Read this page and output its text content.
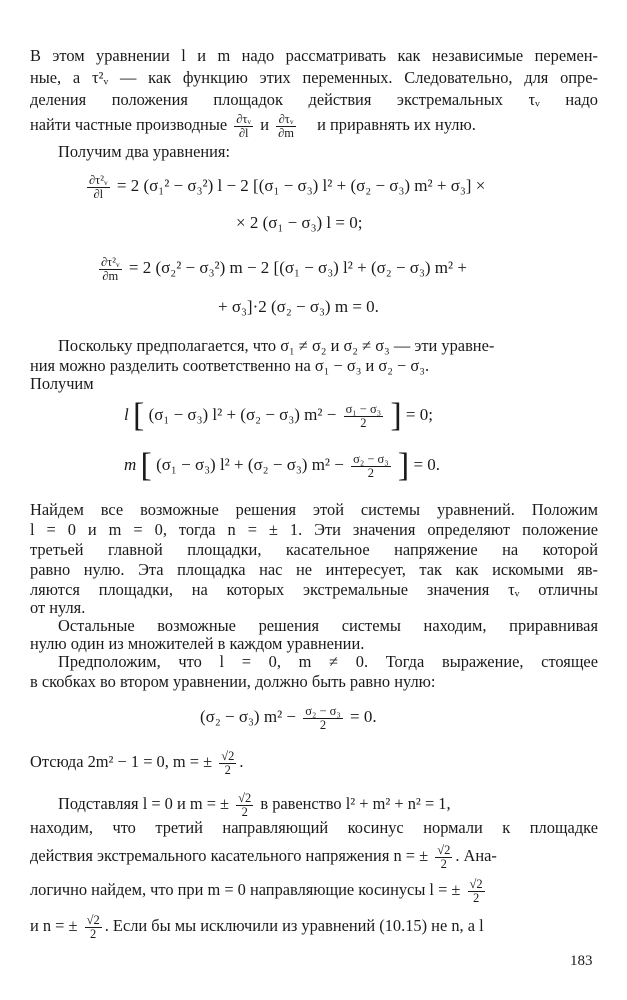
В этом уравнении l и m надо рассматривать как независимые перемен-
ные, а τ²ᵥ — как функцию этих переменных. Следовательно, для опре-
деления положения площадок действия экстремальных τᵥ надо
найти частные производные $\frac{\text{∂τᵥ}}{\partial l}$ и $\frac{\text{∂τᵥ}}{\partial m}$ и приравнять их нулю.
Получим два уравнения:
$\frac{\text{∂τ²ᵥ}}{\partial l} = 2$ (σ₁² − σ₃²) l − 2 [(σ₁ − σ₃) l² + (σ₂ − σ₃) m² + σ₃] ×
× 2 (σ₁ − σ₃) l = 0;
$\frac{\text{∂τ²ᵥ}}{\partial m} = 2$ (σ₂² − σ₃²) m − 2 [(σ₁ − σ₃) l² + (σ₂ − σ₃) m² +
+ σ₃]·2 (σ₂ − σ₃) m = 0.
Поскольку предполагается, что σ₁ ≠ σ₂ и σ₂ ≠ σ₃ — эти уравне-
ния можно разделить соответственно на σ₁ − σ₃ и σ₂ − σ₃.
Получим
l [ (σ₁ − σ₃) l² + (σ₂ − σ₃) $m^2 - \frac{\text{σ₁ − σ₃}}{2}$ ] = 0;
m [ (σ₁ − σ₃) l² + (σ₂ − σ₃) $m^2 - \frac{\text{σ₂ − σ₃}}{2}$ ] = 0.
Найдем все возможные решения этой системы уравнений. Положим
l = 0 и m = 0, тогда n = ± 1. Эти значения определяют положение
третьей главной площадки, касательное напряжение на которой
равно нулю. Эта площадка нас не интересует, так как искомыми яв-
ляются площадки, на которых экстремальные значения τᵥ отличны
от нуля.
Остальные возможные решения системы находим, приравнивая
нулю один из множителей в каждом уравнении.
Предположим, что l = 0, m ≠ 0. Тогда выражение, стоящее
в скобках во втором уравнении, должно быть равно нулю:
(σ₂ − σ₃) $m^2 - \frac{\text{σ₂ − σ₃}}{2} = 0$.
Отсюда 2m² − 1 = 0, m = ± $\frac{√2}{2}$ .
Подставляя l = 0 и m = ± $\frac{√2}{2}$ в равенство l² + m² + n² = 1,
находим, что третий направляющий косинус нормали к площадке
действия экстремального касательного напряжения n = ± $\frac{√2}{2}$ . Ана-
логично найдем, что при m = 0 направляющие косинусы l = ± $\frac{√2}{2}$
и n = ± $\frac{√2}{2}$ . Если бы мы исключили из уравнений (10.15) не n, а l
183
